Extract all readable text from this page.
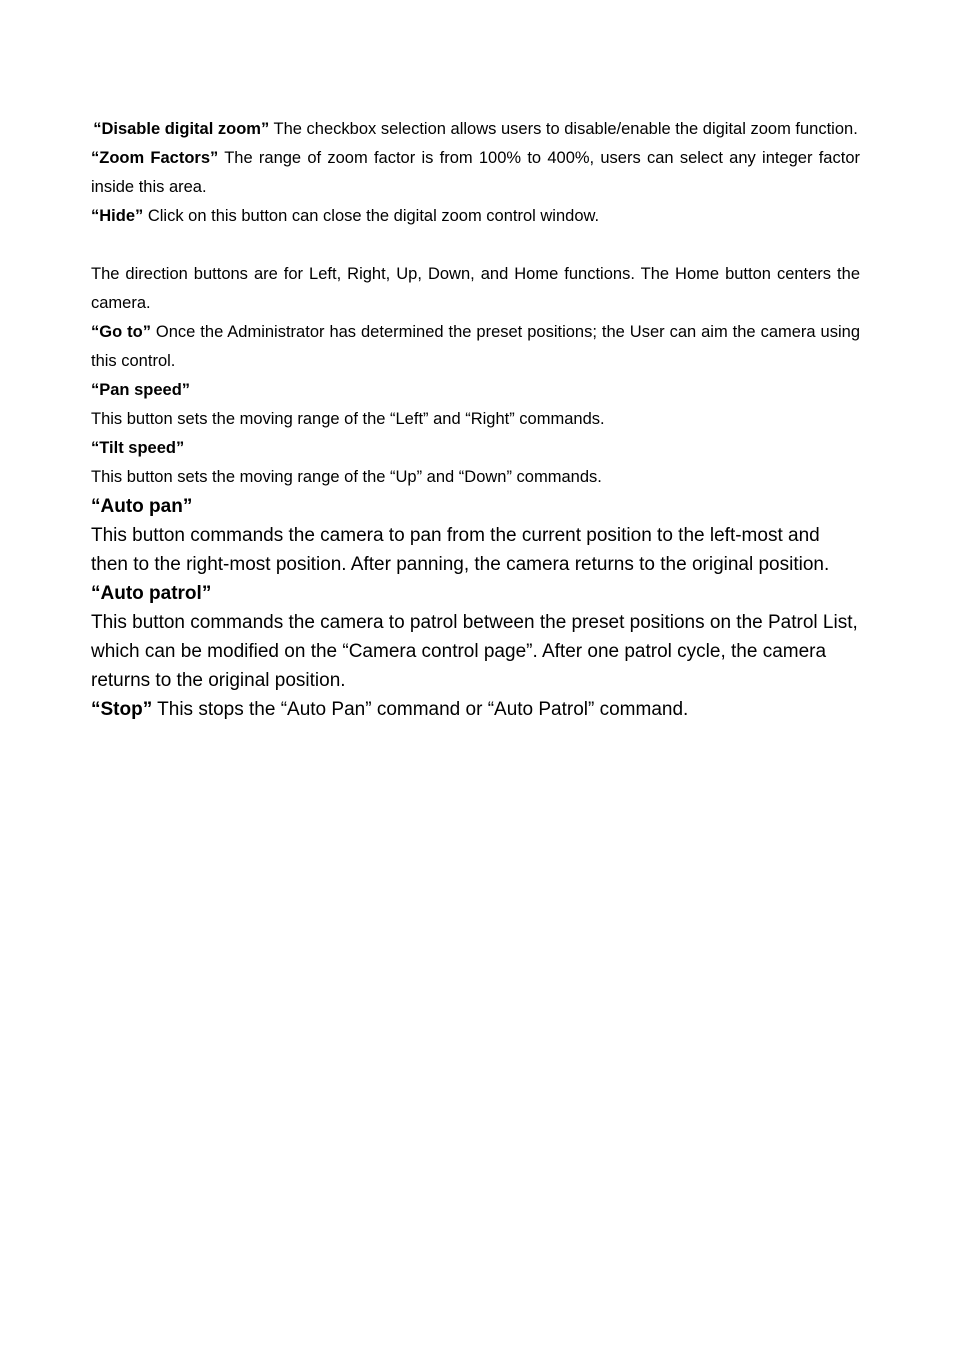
“Disable digital zoom” The checkbox selection allows users to disable/enable the digital zoom function.

“Zoom Factors” The range of zoom factor is from 100% to 400%, users can select any integer factor inside this area.

“Hide” Click on this button can close the digital zoom control window.

The direction buttons are for Left, Right, Up, Down, and Home functions. The Home button centers the camera.

“Go to” Once the Administrator has determined the preset positions; the User can aim the camera using this control.

“Pan speed”

This button sets the moving range of the “Left” and “Right” commands.

“Tilt speed”

This button sets the moving range of the “Up” and “Down” commands.

“Auto pan”

This button commands the camera to pan from the current position to the left-most and then to the right-most position. After panning, the camera returns to the original position.

“Auto patrol”

This button commands the camera to patrol between the preset positions on the Patrol List, which can be modified on the “Camera control page”. After one patrol cycle, the camera returns to the original position.

“Stop” This stops the “Auto Pan” command or “Auto Patrol” command.
